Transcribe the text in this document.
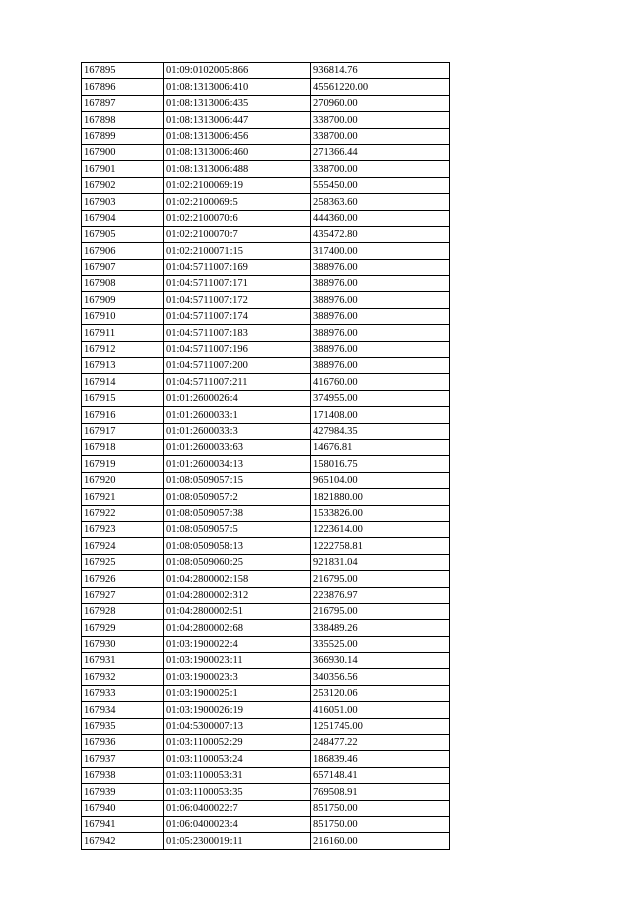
167895	01:09:0102005:866	936814.76
167896	01:08:1313006:410	45561220.00
167897	01:08:1313006:435	270960.00
167898	01:08:1313006:447	338700.00
167899	01:08:1313006:456	338700.00
167900	01:08:1313006:460	271366.44
167901	01:08:1313006:488	338700.00
167902	01:02:2100069:19	555450.00
167903	01:02:2100069:5	258363.60
167904	01:02:2100070:6	444360.00
167905	01:02:2100070:7	435472.80
167906	01:02:2100071:15	317400.00
167907	01:04:5711007:169	388976.00
167908	01:04:5711007:171	388976.00
167909	01:04:5711007:172	388976.00
167910	01:04:5711007:174	388976.00
167911	01:04:5711007:183	388976.00
167912	01:04:5711007:196	388976.00
167913	01:04:5711007:200	388976.00
167914	01:04:5711007:211	416760.00
167915	01:01:2600026:4	374955.00
167916	01:01:2600033:1	171408.00
167917	01:01:2600033:3	427984.35
167918	01:01:2600033:63	14676.81
167919	01:01:2600034:13	158016.75
167920	01:08:0509057:15	965104.00
167921	01:08:0509057:2	1821880.00
167922	01:08:0509057:38	1533826.00
167923	01:08:0509057:5	1223614.00
167924	01:08:0509058:13	1222758.81
167925	01:08:0509060:25	921831.04
167926	01:04:2800002:158	216795.00
167927	01:04:2800002:312	223876.97
167928	01:04:2800002:51	216795.00
167929	01:04:2800002:68	338489.26
167930	01:03:1900022:4	335525.00
167931	01:03:1900023:11	366930.14
167932	01:03:1900023:3	340356.56
167933	01:03:1900025:1	253120.06
167934	01:03:1900026:19	416051.00
167935	01:04:5300007:13	1251745.00
167936	01:03:1100052:29	248477.22
167937	01:03:1100053:24	186839.46
167938	01:03:1100053:31	657148.41
167939	01:03:1100053:35	769508.91
167940	01:06:0400022:7	851750.00
167941	01:06:0400023:4	851750.00
167942	01:05:2300019:11	216160.00
